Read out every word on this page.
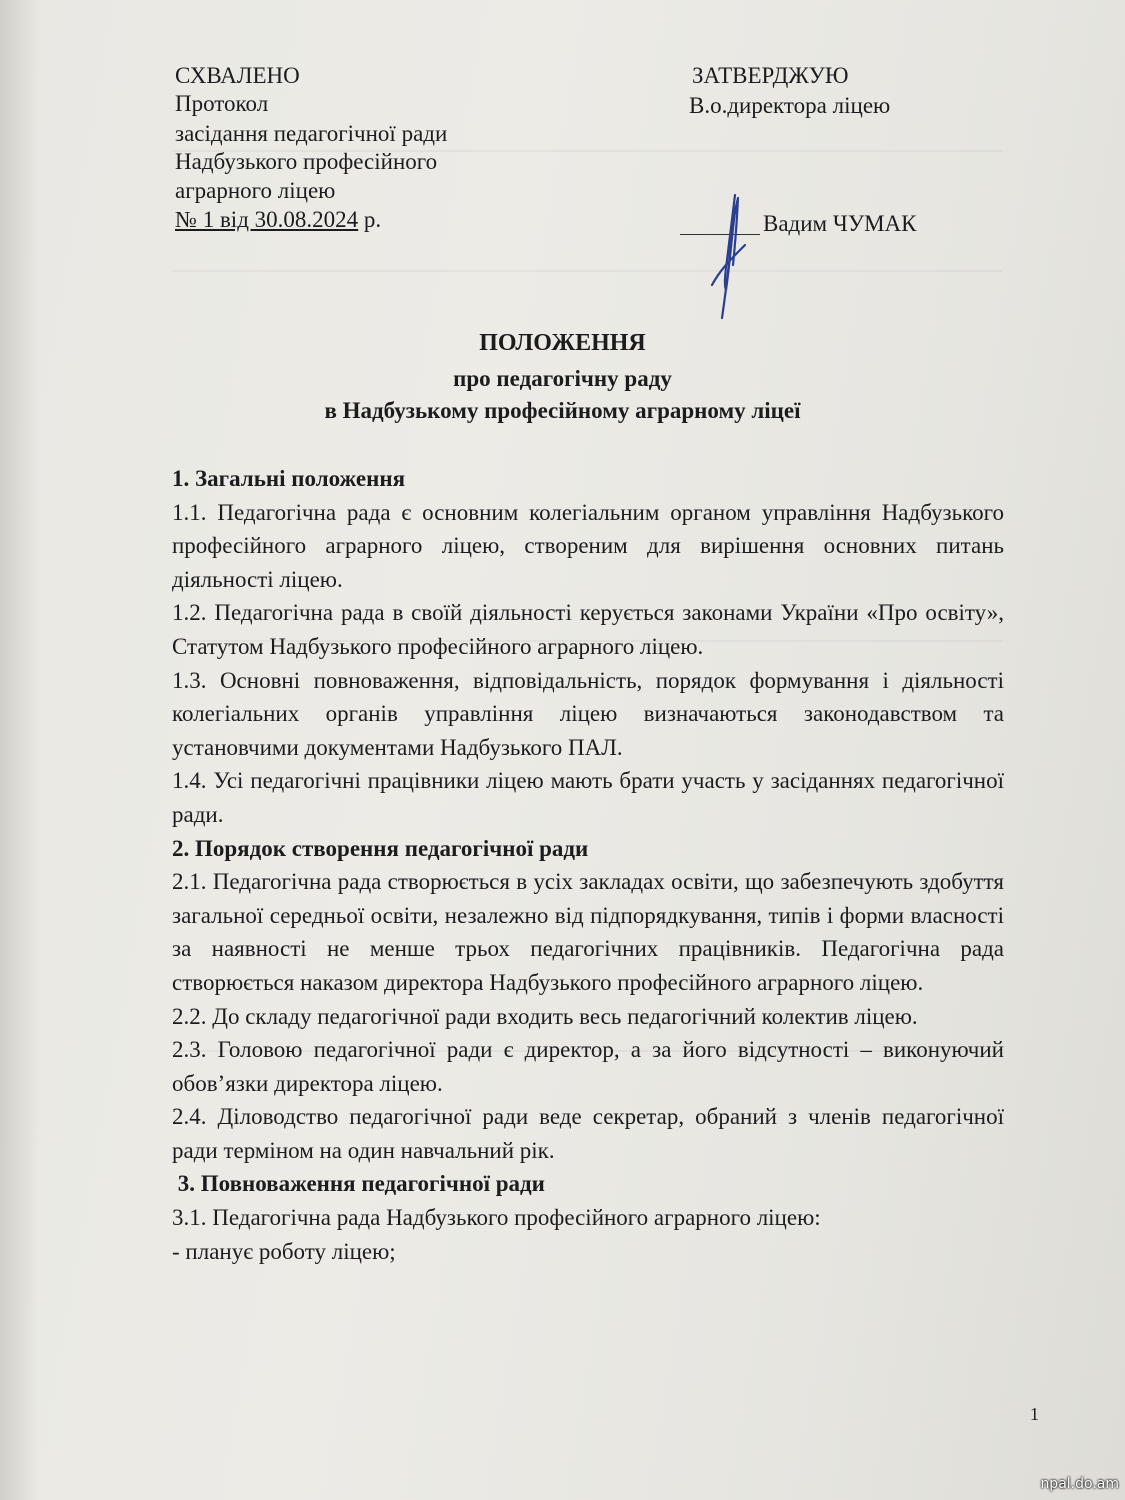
СХВАЛЕНО
Протокол
засідання педагогічної ради
Надбузького професійного
аграрного ліцею
№ 1 від 30.08.2024 р.
ЗАТВЕРДЖУЮ
В.о.директора ліцею
Вадим ЧУМАК
ПОЛОЖЕННЯ
про педагогічну раду
в Надбузькому професійному аграрному ліцеї
1. Загальні положення

1.1. Педагогічна рада є основним колегіальним органом управління Надбузького професійного аграрного ліцею, створеним для вирішення основних питань діяльності ліцею.

1.2. Педагогічна рада в своїй діяльності керується законами України «Про освіту», Статутом Надбузького професійного аграрного ліцею.

1.3. Основні повноваження, відповідальність, порядок формування і діяльності колегіальних органів управління ліцею визначаються законодавством та установчими документами Надбузького ПАЛ.

1.4. Усі педагогічні працівники ліцею мають брати участь у засіданнях педагогічної ради.

2. Порядок створення педагогічної ради

2.1. Педагогічна рада створюється в усіх закладах освіти, що забезпечують здобуття загальної середньої освіти, незалежно від підпорядкування, типів і форми власності за наявності не менше трьох педагогічних працівників. Педагогічна рада створюється наказом директора Надбузького професійного аграрного ліцею.

2.2. До складу педагогічної ради входить весь педагогічний колектив ліцею.

2.3. Головою педагогічної ради є директор, а за його відсутності – виконуючий обов’язки директора ліцею.

2.4. Діловодство педагогічної ради веде секретар, обраний з членів педагогічної ради терміном на один навчальний рік.

3. Повноваження педагогічної ради

3.1. Педагогічна рада Надбузького професійного аграрного ліцею:

- планує роботу ліцею;

1
npal.do.am
